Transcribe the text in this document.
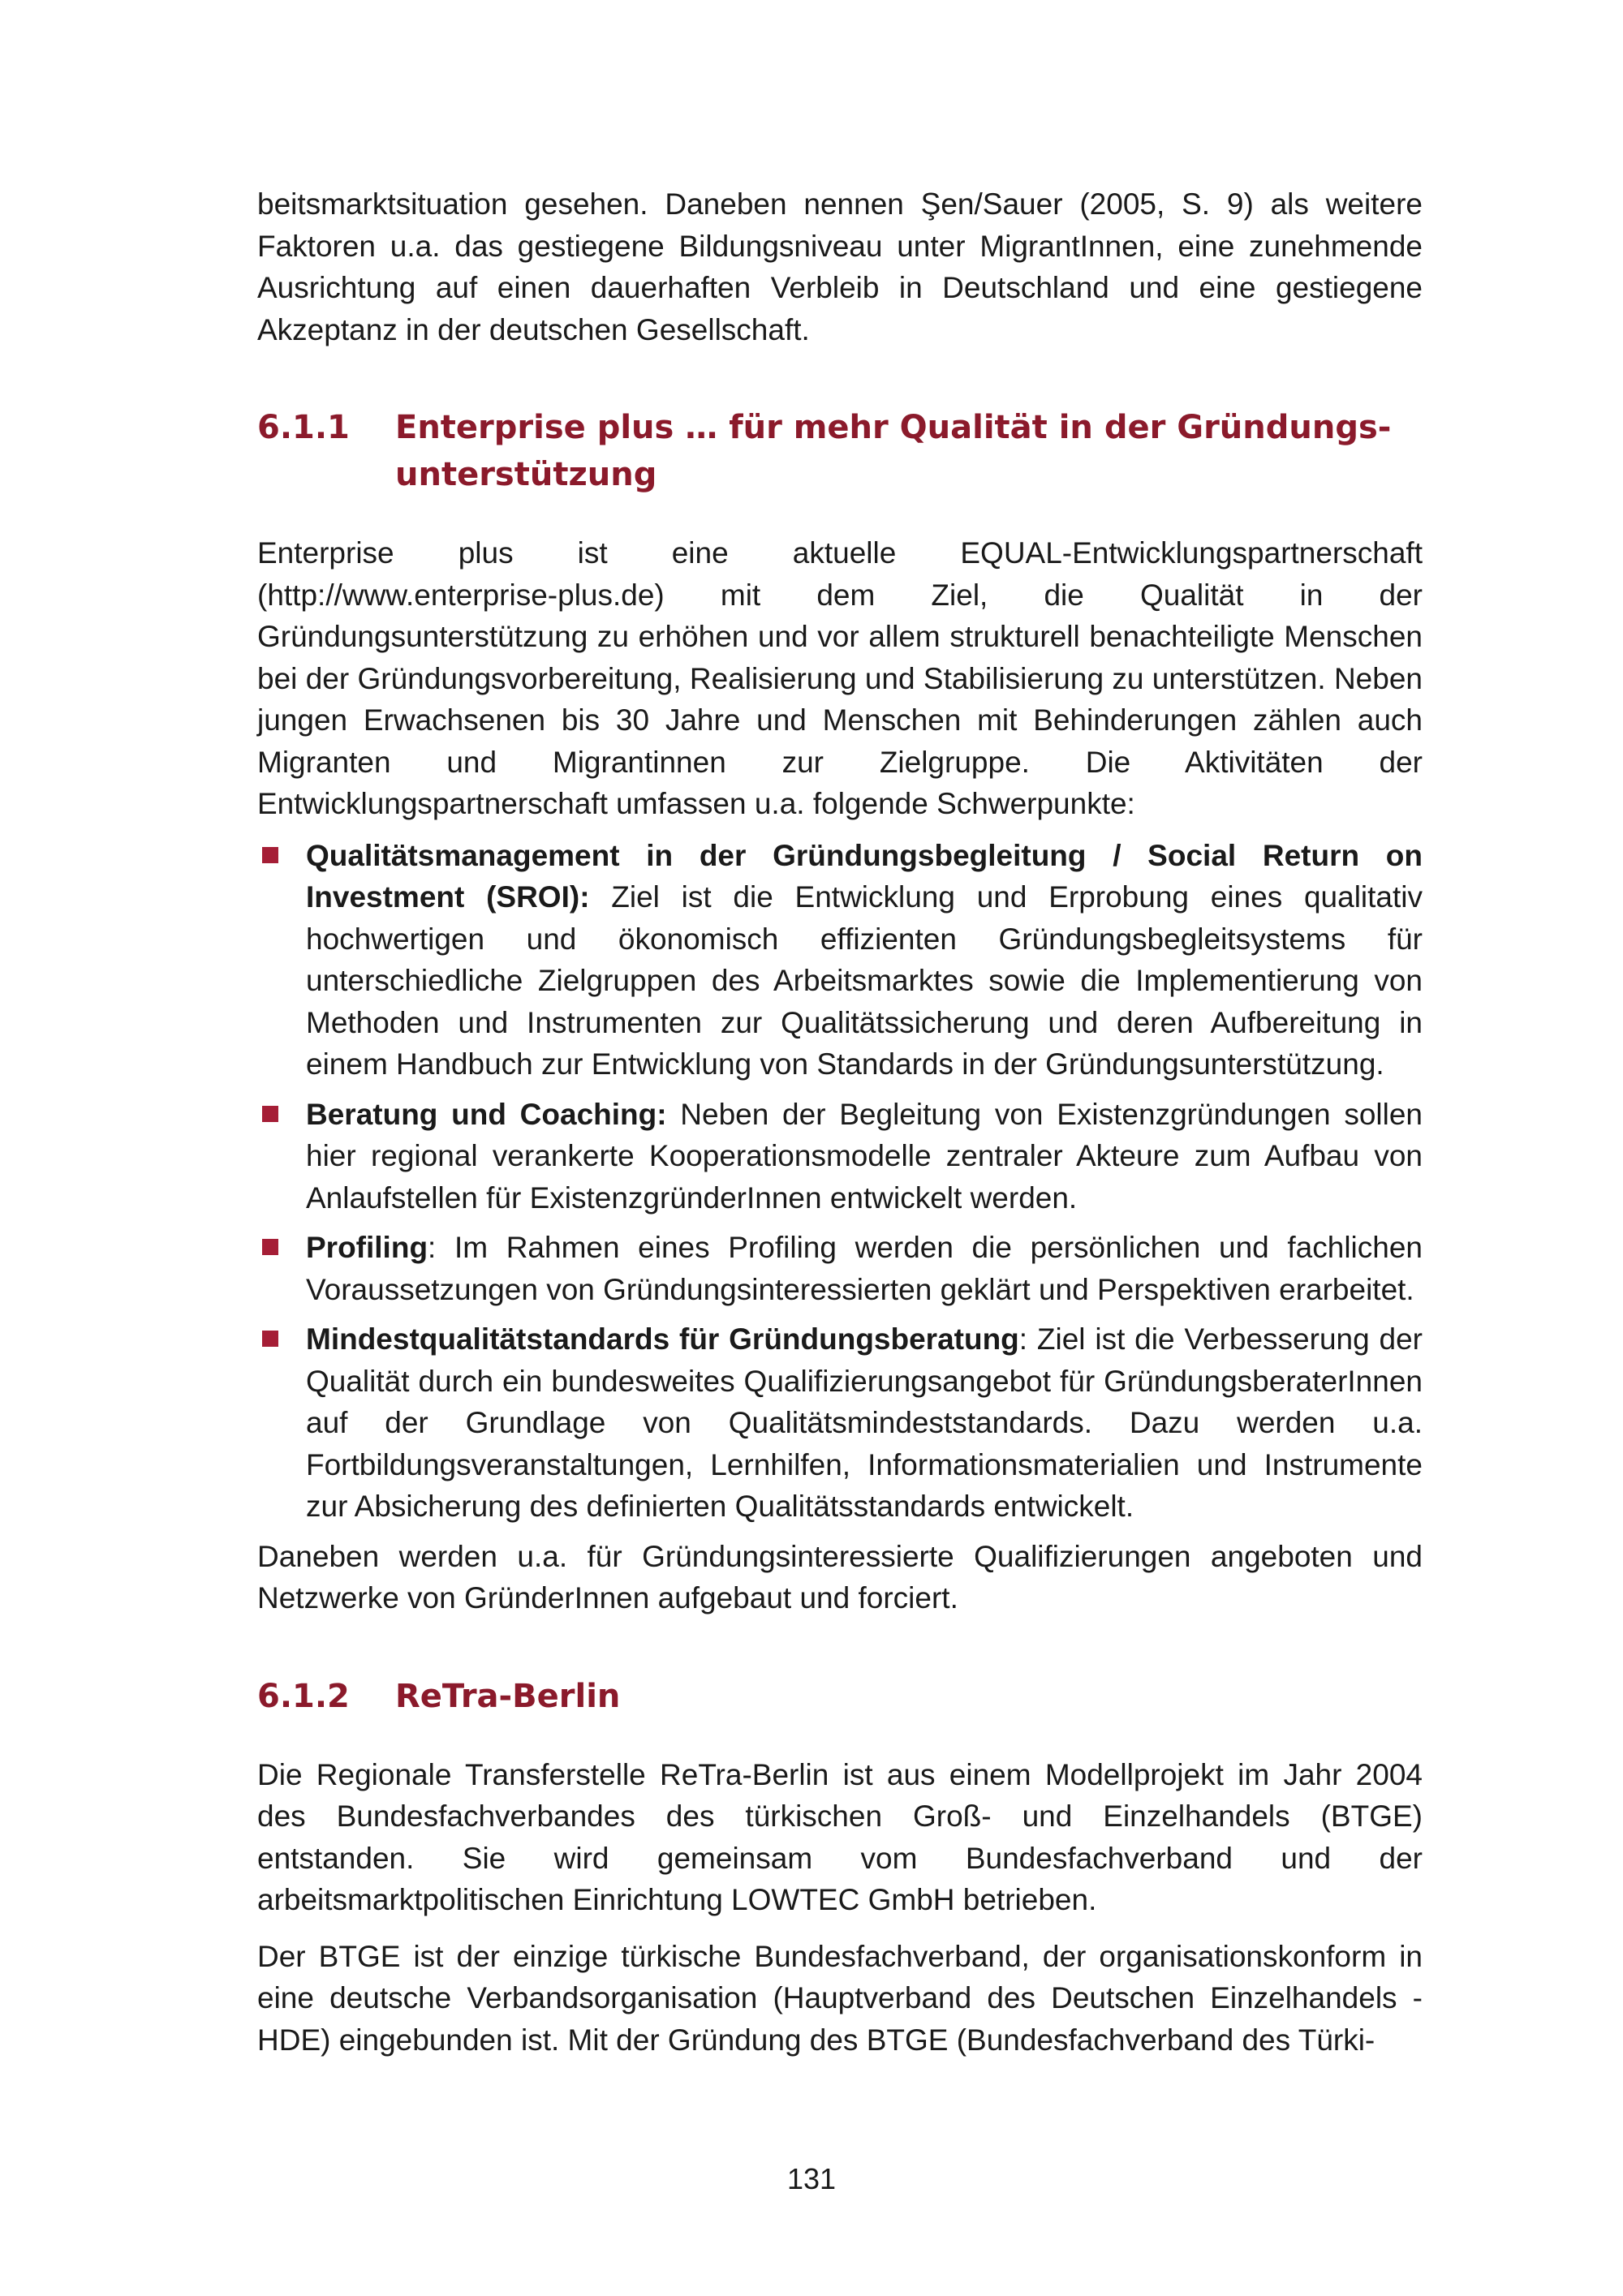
beitsmarktsituation gesehen. Daneben nennen Şen/Sauer (2005, S. 9) als weitere Faktoren u.a. das gestiegene Bildungsniveau unter MigrantInnen, eine zunehmende Ausrichtung auf einen dauerhaften Verbleib in Deutschland und eine gestiegene Akzeptanz in der deutschen Gesellschaft.

6.1.1	Enterprise plus … für mehr Qualität in der Gründungs-unterstützung

Enterprise plus ist eine aktuelle EQUAL-Entwicklungspartnerschaft (http://www.enterprise-plus.de) mit dem Ziel, die Qualität in der Gründungsunterstützung zu erhöhen und vor allem strukturell benachteiligte Menschen bei der Gründungsvorbereitung, Realisierung und Stabilisierung zu unterstützen. Neben jungen Erwachsenen bis 30 Jahre und Menschen mit Behinderungen zählen auch Migranten und Migrantinnen zur Zielgruppe. Die Aktivitäten der Entwicklungspartnerschaft umfassen u.a. folgende Schwerpunkte:

Qualitätsmanagement in der Gründungsbegleitung / Social Return on Investment (SROI): Ziel ist die Entwicklung und Erprobung eines qualitativ hochwertigen und ökonomisch effizienten Gründungsbegleitsystems für unterschiedliche Zielgruppen des Arbeitsmarktes sowie die Implementierung von Methoden und Instrumenten zur Qualitätssicherung und deren Aufbereitung in einem Handbuch zur Entwicklung von Standards in der Gründungsunterstützung.
Beratung und Coaching: Neben der Begleitung von Existenzgründungen sollen hier regional verankerte Kooperationsmodelle zentraler Akteure zum Aufbau von Anlaufstellen für ExistenzgründerInnen entwickelt werden.
Profiling: Im Rahmen eines Profiling werden die persönlichen und fachlichen Voraussetzungen von Gründungsinteressierten geklärt und Perspektiven erarbeitet.
Mindestqualitätstandards für Gründungsberatung: Ziel ist die Verbesserung der Qualität durch ein bundesweites Qualifizierungsangebot für GründungsberaterInnen auf der Grundlage von Qualitätsmindeststandards. Dazu werden u.a. Fortbildungsveranstaltungen, Lernhilfen, Informationsmaterialien und Instrumente zur Absicherung des definierten Qualitätsstandards entwickelt.

Daneben werden u.a. für Gründungsinteressierte Qualifizierungen angeboten und Netzwerke von GründerInnen aufgebaut und forciert.

6.1.2	ReTra-Berlin

Die Regionale Transferstelle ReTra-Berlin ist aus einem Modellprojekt im Jahr 2004 des Bundesfachverbandes des türkischen Groß- und Einzelhandels (BTGE) entstanden. Sie wird gemeinsam vom Bundesfachverband und der arbeitsmarktpolitischen Einrichtung LOWTEC GmbH betrieben.

Der BTGE ist der einzige türkische Bundesfachverband, der organisationskonform in eine deutsche Verbandsorganisation (Hauptverband des Deutschen Einzelhandels - HDE) eingebunden ist. Mit der Gründung des BTGE (Bundesfachverband des Türki-

131
